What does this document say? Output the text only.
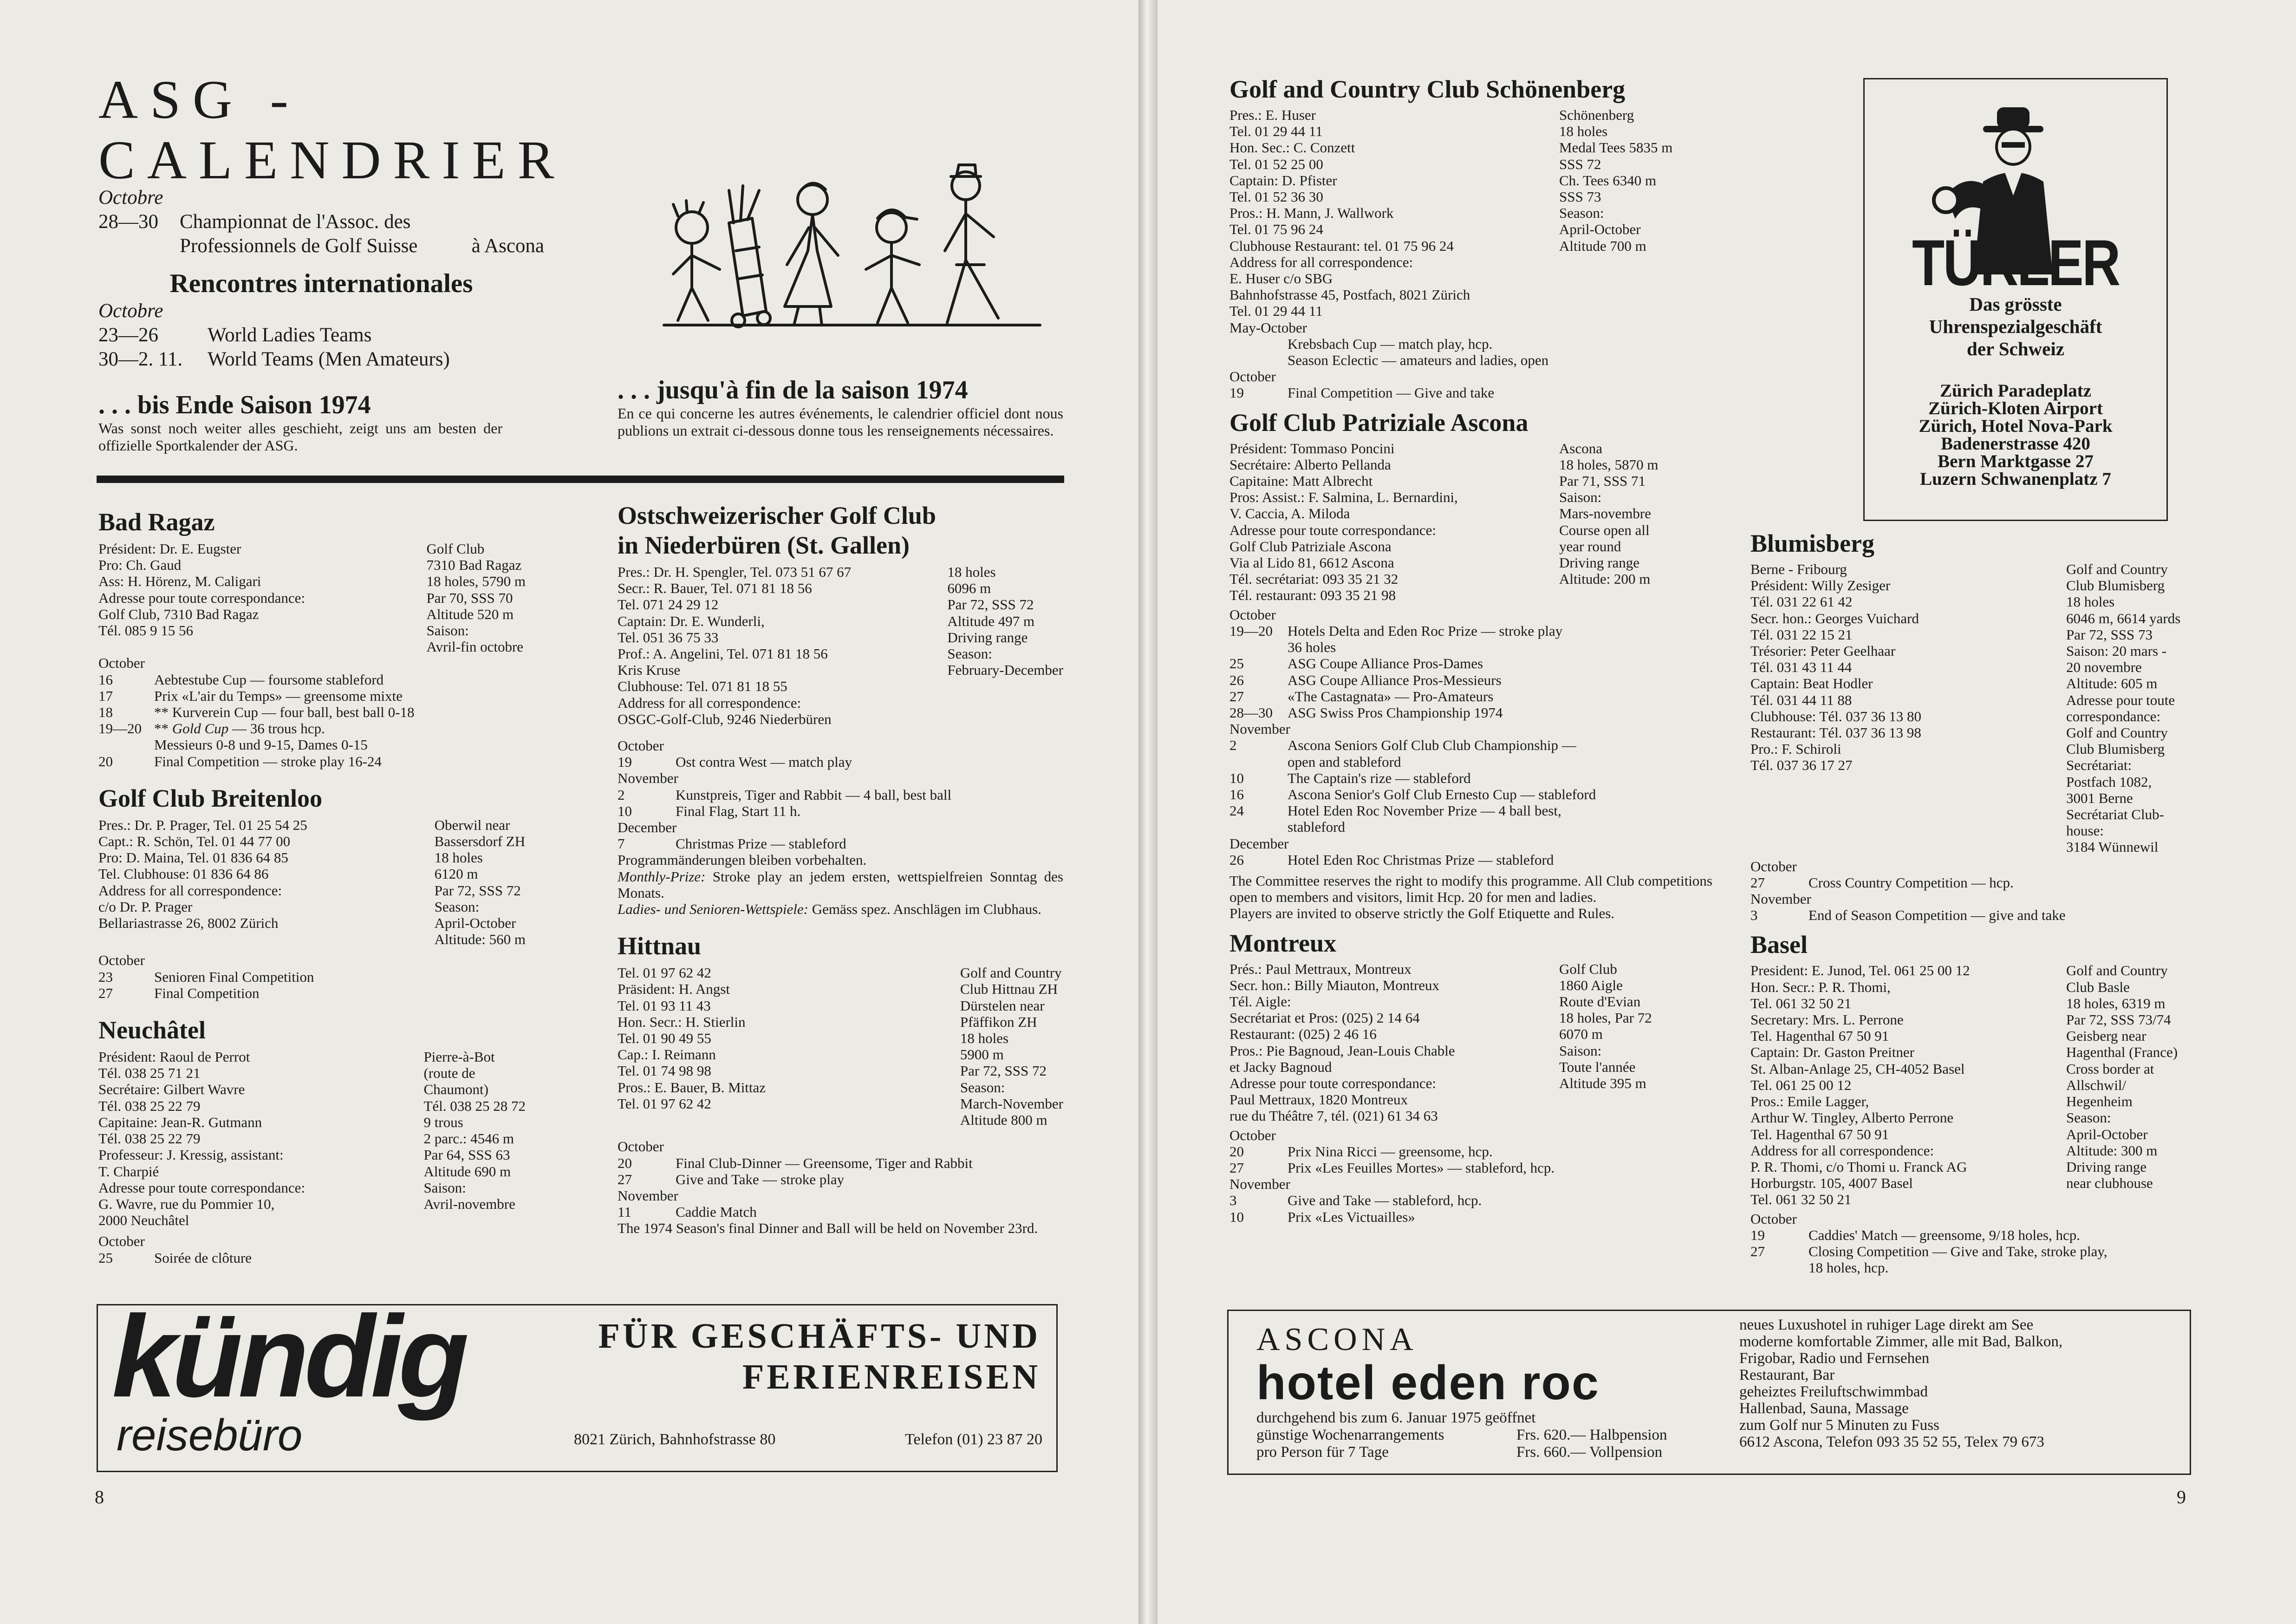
ASG -
CALENDRIER
Octobre
28—30	Championnat de l'Assoc. des
Professionnels de Golf Suisse	à Ascona
Rencontres internationales
Octobre
23—26	World Ladies Teams
30—2. 11.	World Teams (Men Amateurs)
. . . bis Ende Saison 1974
Was sonst noch weiter alles geschieht, zeigt uns am besten der offizielle Sportkalender der ASG.
. . . jusqu'à fin de la saison 1974
En ce qui concerne les autres événements, le calendrier officiel dont nous publions un extrait ci-dessous donne tous les renseignements nécessaires.
Bad Ragaz
Président: Dr. E. Eugster	Golf Club
Pro: Ch. Gaud	7310 Bad Ragaz
Ass: H. Hörenz, M. Caligari	18 holes, 5790 m
Adresse pour toute correspondance:	Par 70, SSS 70
Golf Club, 7310 Bad Ragaz	Altitude 520 m
Tél. 085 9 15 56	Saison:
Avril-fin octobre
October
16	Aebtestube Cup — foursome stableford
17	Prix «L'air du Temps» — greensome mixte
18	** Kurverein Cup — four ball, best ball 0-18
19—20 ** Gold Cup — 36 trous hcp.
Messieurs 0-8 und 9-15, Dames 0-15
20	Final Competition — stroke play 16-24
Golf Club Breitenloo
Pres.: Dr. P. Prager, Tel. 01 25 54 25	Oberwil near
Capt.: R. Schön, Tel. 01 44 77 00	Bassersdorf ZH
Pro: D. Maina, Tel. 01 836 64 85	18 holes
Tel. Clubhouse: 01 836 64 86	6120 m
Address for all correspondence:	Par 72, SSS 72
c/o Dr. P. Prager	Season:
Bellariastrasse 26, 8002 Zürich	April-October
Altitude: 560 m
October
23	Senioren Final Competition
27	Final Competition
Neuchâtel
Président: Raoul de Perrot	Pierre-à-Bot
Tél. 038 25 71 21	(route de
Secrétaire: Gilbert Wavre	Chaumont)
Tél. 038 25 22 79	Tél. 038 25 28 72
Capitaine: Jean-R. Gutmann	9 trous
Tél. 038 25 22 79	2 parc.: 4546 m
Professeur: J. Kressig, assistant:	Par 64, SSS 63
T. Charpié	Altitude 690 m
Adresse pour toute correspondance:	Saison:
G. Wavre, rue du Pommier 10,	Avril-novembre
2000 Neuchâtel
October
25	Soirée de clôture
Ostschweizerischer Golf Club
in Niederbüren (St. Gallen)
Pres.: Dr. H. Spengler, Tel. 073 51 67 67	18 holes
Secr.: R. Bauer, Tel. 071 81 18 56	6096 m
Tel. 071 24 29 12	Par 72, SSS 72
Captain: Dr. E. Wunderli,	Altitude 497 m
Tel. 051 36 75 33	Driving range
Prof.: A. Angelini, Tel. 071 81 18 56	Season:
Kris Kruse	February-December
Clubhouse: Tel. 071 81 18 55
Address for all correspondence:
OSGC-Golf-Club, 9246 Niederbüren
October
19	Ost contra West — match play
November
2	Kunstpreis, Tiger and Rabbit — 4 ball, best ball
10	Final Flag, Start 11 h.
December
7	Christmas Prize — stableford
Programmänderungen bleiben vorbehalten.
Monthly-Prize: Stroke play an jedem ersten, wettspielfreien Sonntag des Monats.
Ladies- und Senioren-Wettspiele: Gemäss spez. Anschlägen im Clubhaus.
Hittnau
Tel. 01 97 62 42	Golf and Country
Präsident: H. Angst	Club Hittnau ZH
Tel. 01 93 11 43	Dürstelen near
Hon. Secr.: H. Stierlin	Pfäffikon ZH
Tel. 01 90 49 55	18 holes
Cap.: I. Reimann	5900 m
Tel. 01 74 98 98	Par 72, SSS 72
Pros.: E. Bauer, B. Mittaz	Season:
Tel. 01 97 62 42	March-November
Altitude 800 m
October
20	Final Club-Dinner — Greensome, Tiger and Rabbit
27	Give and Take — stroke play
November
11	Caddie Match
The 1974 Season's final Dinner and Ball will be held on November 23rd.
kündig
reisebüro
FÜR GESCHÄFTS- UND
FERIENREISEN
8021 Zürich, Bahnhofstrasse 80	Telefon (01) 23 87 20
8
Golf and Country Club Schönenberg
Pres.: E. Huser	Schönenberg
Tel. 01 29 44 11	18 holes
Hon. Sec.: C. Conzett	Medal Tees 5835 m
Tel. 01 52 25 00	SSS 72
Captain: D. Pfister	Ch. Tees 6340 m
Tel. 01 52 36 30	SSS 73
Pros.: H. Mann, J. Wallwork	Season:
Tel. 01 75 96 24	April-October
Clubhouse Restaurant: tel. 01 75 96 24	Altitude 700 m
Address for all correspondence:
E. Huser c/o SBG
Bahnhofstrasse 45, Postfach, 8021 Zürich
Tel. 01 29 44 11
May-October
Krebsbach Cup — match play, hcp.
Season Eclectic — amateurs and ladies, open
October
19	Final Competition — Give and take
Golf Club Patriziale Ascona
Président: Tommaso Poncini	Ascona
Secrétaire: Alberto Pellanda	18 holes, 5870 m
Capitaine: Matt Albrecht	Par 71, SSS 71
Pros: Assist.: F. Salmina, L. Bernardini,	Saison:
V. Caccia, A. Miloda	Mars-novembre
Adresse pour toute correspondance:	Course open all
Golf Club Patriziale Ascona	year round
Via al Lido 81, 6612 Ascona	Driving range
Tél. secrétariat: 093 35 21 32	Altitude: 200 m
Tél. restaurant: 093 35 21 98
October
19—20	Hotels Delta and Eden Roc Prize — stroke play
36 holes
25	ASG Coupe Alliance Pros-Dames
26	ASG Coupe Alliance Pros-Messieurs
27	«The Castagnata» — Pro-Amateurs
28—30	ASG Swiss Pros Championship 1974
November
2	Ascona Seniors Golf Club Club Championship —
open and stableford
10	The Captain's rize — stableford
16	Ascona Senior's Golf Club Ernesto Cup — stableford
24	Hotel Eden Roc November Prize — 4 ball best,
stableford
December
26	Hotel Eden Roc Christmas Prize — stableford
The Committee reserves the right to modify this programme. All Club competitions open to members and visitors, limit Hcp. 20 for men and ladies.
Players are invited to observe strictly the Golf Etiquette and Rules.
Montreux
Prés.: Paul Mettraux, Montreux	Golf Club
Secr. hon.: Billy Miauton, Montreux	1860 Aigle
Tél. Aigle:	Route d'Evian
Secrétariat et Pros: (025) 2 14 64	18 holes, Par 72
Restaurant: (025) 2 46 16	6070 m
Pros.: Pie Bagnoud, Jean-Louis Chable	Saison:
et Jacky Bagnoud	Toute l'année
Adresse pour toute correspondance:	Altitude 395 m
Paul Mettraux, 1820 Montreux
rue du Théâtre 7, tél. (021) 61 34 63
October
20	Prix Nina Ricci — greensome, hcp.
27	Prix «Les Feuilles Mortes» — stableford, hcp.
November
3	Give and Take — stableford, hcp.
10	Prix «Les Victuailles»
TÜRLER
Das grösste
Uhrenspezialgeschäft
der Schweiz
Zürich Paradeplatz
Zürich-Kloten Airport
Zürich, Hotel Nova-Park
Badenerstrasse 420
Bern Marktgasse 27
Luzern Schwanenplatz 7
Blumisberg
Berne - Fribourg	Golf and Country
Président: Willy Zesiger	Club Blumisberg
Tél. 031 22 61 42	18 holes
Secr. hon.: Georges Vuichard	6046 m, 6614 yards
Tél. 031 22 15 21	Par 72, SSS 73
Trésorier: Peter Geelhaar	Saison: 20 mars -
Tél. 031 43 11 44	20 novembre
Captain: Beat Hodler	Altitude: 605 m
Tél. 031 44 11 88	Adresse pour toute
Clubhouse: Tél. 037 36 13 80	correspondance:
Restaurant: Tél. 037 36 13 98	Golf and Country
Pro.: F. Schiroli	Club Blumisberg
Tél. 037 36 17 27	Secrétariat:
Postfach 1082,
3001 Berne
Secrétariat Club-
house:
3184 Wünnewil
October
27	Cross Country Competition — hcp.
November
3	End of Season Competition — give and take
Basel
President: E. Junod, Tel. 061 25 00 12	Golf and Country
Hon. Secr.: P. R. Thomi,	Club Basle
Tel. 061 32 50 21	18 holes, 6319 m
Secretary: Mrs. L. Perrone	Par 72, SSS 73/74
Tel. Hagenthal 67 50 91	Geisberg near
Captain: Dr. Gaston Preitner	Hagenthal (France)
St. Alban-Anlage 25, CH-4052 Basel	Cross border at
Tel. 061 25 00 12	Allschwil/
Pros.: Emile Lagger,	Hegenheim
Arthur W. Tingley, Alberto Perrone	Season:
Tel. Hagenthal 67 50 91	April-October
Address for all correspondence:	Altitude: 300 m
P. R. Thomi, c/o Thomi u. Franck AG	Driving range
Horburgstr. 105, 4007 Basel	near clubhouse
Tel. 061 32 50 21
October
19	Caddies' Match — greensome, 9/18 holes, hcp.
27	Closing Competition — Give and Take, stroke play,
18 holes, hcp.
ASCONA
hotel eden roc
durchgehend bis zum 6. Januar 1975 geöffnet
günstige Wochenarrangements	Frs. 620.— Halbpension
pro Person für 7 Tage	Frs. 660.— Vollpension
neues Luxushotel in ruhiger Lage direkt am See
moderne komfortable Zimmer, alle mit Bad, Balkon,
Frigobar, Radio und Fernsehen
Restaurant, Bar
geheiztes Freiluftschwimmbad
Hallenbad, Sauna, Massage
zum Golf nur 5 Minuten zu Fuss
6612 Ascona, Telefon 093 35 52 55, Telex 79 673
9
